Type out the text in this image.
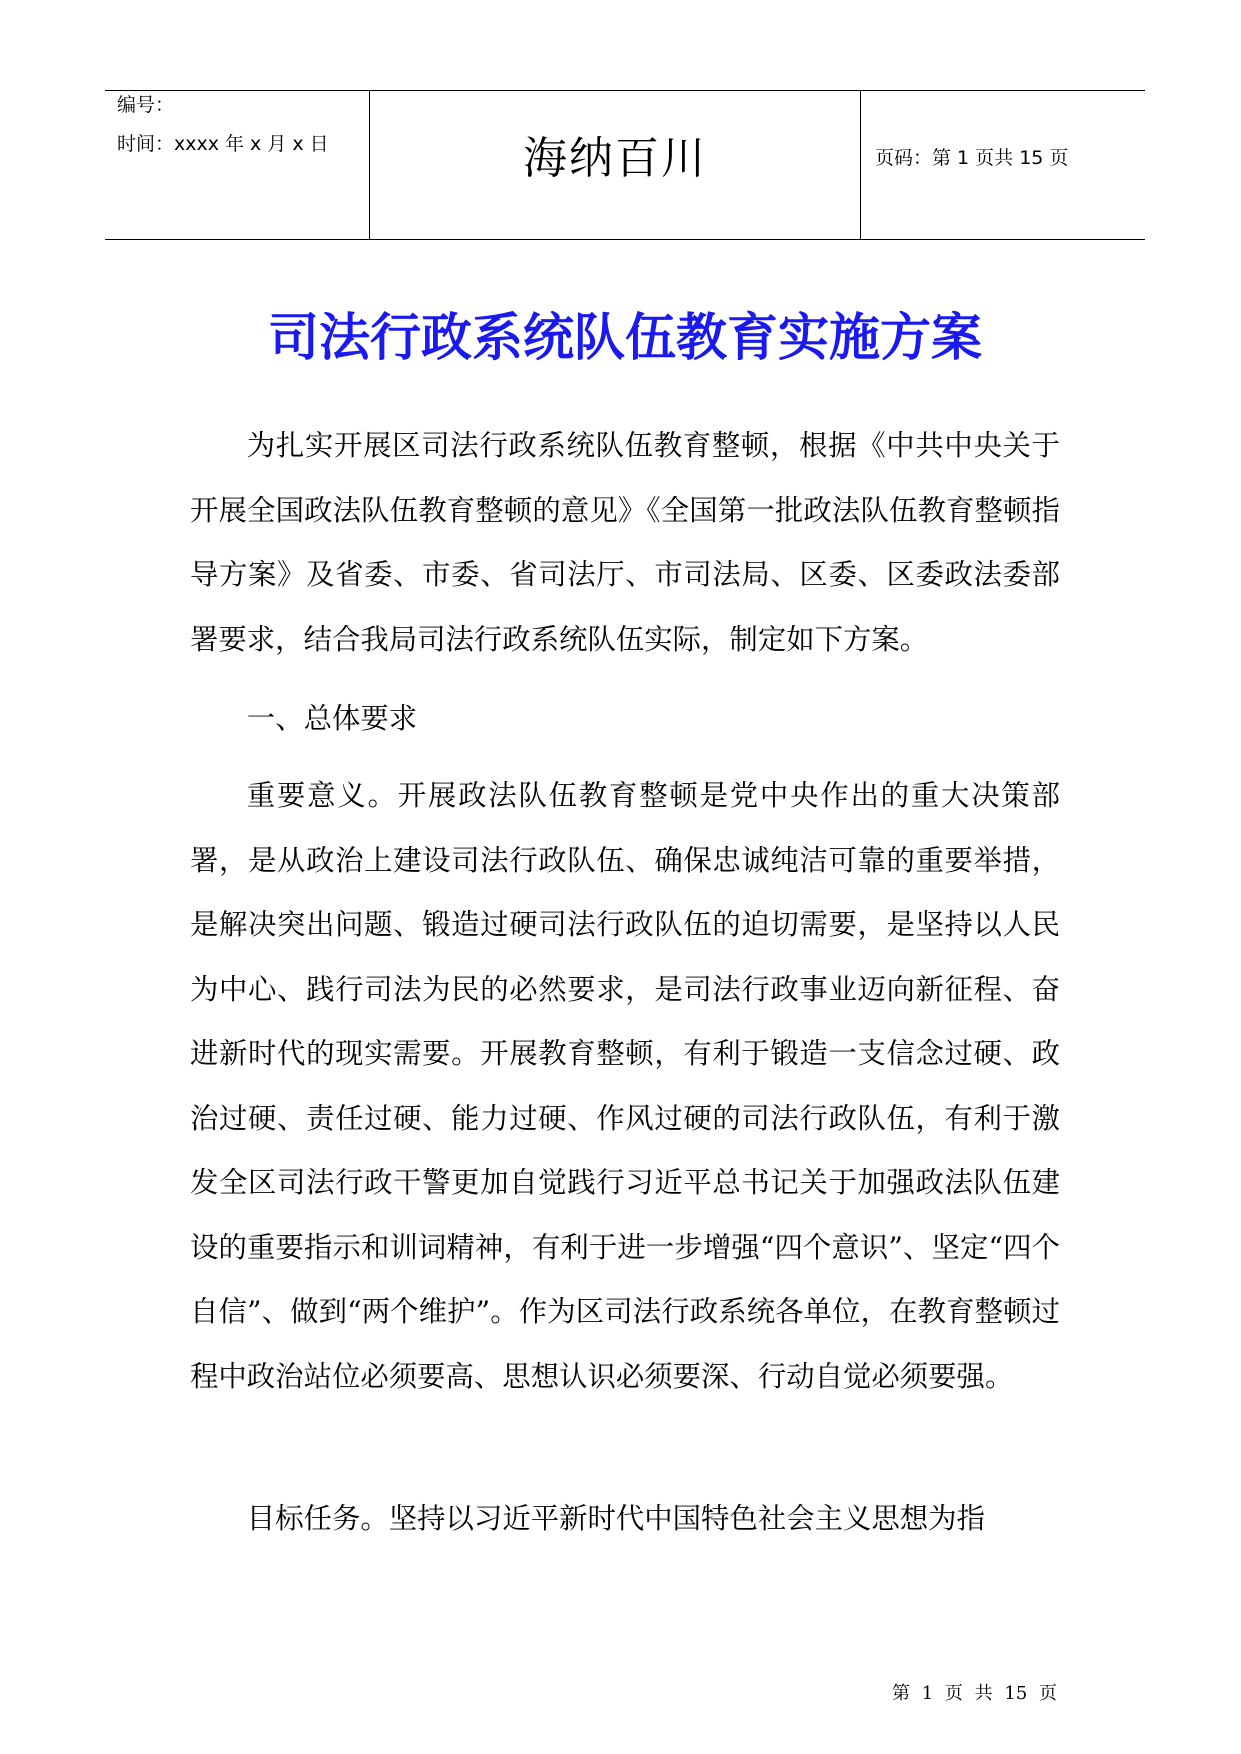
编号：
时间：xxxx 年 x 月 x 日	海纳百川	页码：第 1 页共 15 页
司法行政系统队伍教育实施方案

为扎实开展区司法行政系统队伍教育整顿，根据《中共中央关于开展全国政法队伍教育整顿的意见》《全国第一批政法队伍教育整顿指导方案》及省委、市委、省司法厅、市司法局、区委、区委政法委部署要求，结合我局司法行政系统队伍实际，制定如下方案。

一、总体要求

重要意义。开展政法队伍教育整顿是党中央作出的重大决策部署，是从政治上建设司法行政队伍、确保忠诚纯洁可靠的重要举措，是解决突出问题、锻造过硬司法行政队伍的迫切需要，是坚持以人民为中心、践行司法为民的必然要求，是司法行政事业迈向新征程、奋进新时代的现实需要。开展教育整顿，有利于锻造一支信念过硬、政治过硬、责任过硬、能力过硬、作风过硬的司法行政队伍，有利于激发全区司法行政干警更加自觉践行习近平总书记关于加强政法队伍建设的重要指示和训词精神，有利于进一步增强“四个意识”、坚定“四个自信”、做到“两个维护”。作为区司法行政系统各单位，在教育整顿过程中政治站位必须要高、思想认识必须要深、行动自觉必须要强。

目标任务。坚持以习近平新时代中国特色社会主义思想为指

第 1 页 共 15 页
